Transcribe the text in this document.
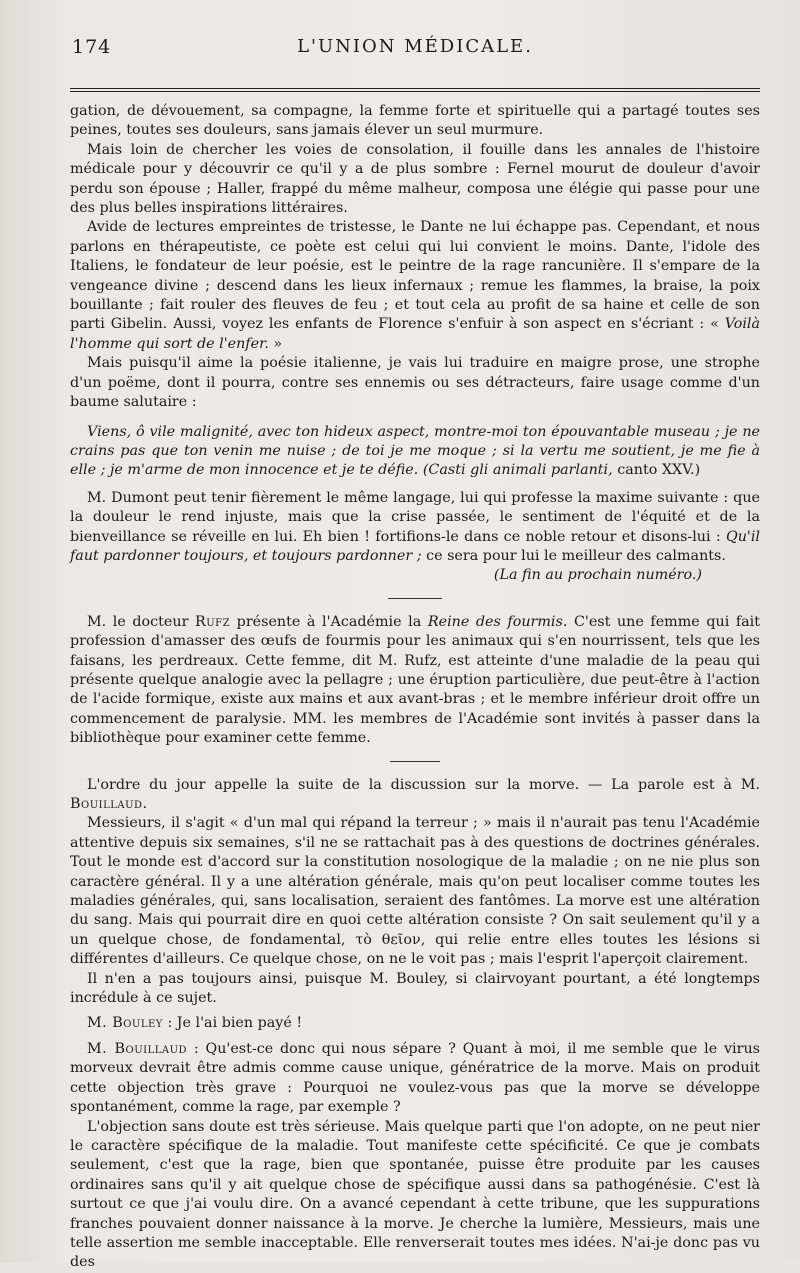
174	L'UNION MÉDICALE.

gation, de dévouement, sa compagne, la femme forte et spirituelle qui a partagé toutes ses peines, toutes ses douleurs, sans jamais élever un seul murmure.

Mais loin de chercher les voies de consolation, il fouille dans les annales de l'histoire médicale pour y découvrir ce qu'il y a de plus sombre : Fernel mourut de douleur d'avoir perdu son épouse ; Haller, frappé du même malheur, composa une élégie qui passe pour une des plus belles inspirations littéraires.

Avide de lectures empreintes de tristesse, le Dante ne lui échappe pas. Cependant, et nous parlons en thérapeutiste, ce poète est celui qui lui convient le moins. Dante, l'idole des Italiens, le fondateur de leur poésie, est le peintre de la rage rancunière. Il s'empare de la vengeance divine ; descend dans les lieux infernaux ; remue les flammes, la braise, la poix bouillante ; fait rouler des fleuves de feu ; et tout cela au profit de sa haine et celle de son parti Gibelin. Aussi, voyez les enfants de Florence s'enfuir à son aspect en s'écriant : « Voilà l'homme qui sort de l'enfer. »

Mais puisqu'il aime la poésie italienne, je vais lui traduire en maigre prose, une strophe d'un poëme, dont il pourra, contre ses ennemis ou ses détracteurs, faire usage comme d'un baume salutaire :

Viens, ô vile malignité, avec ton hideux aspect, montre-moi ton épouvantable museau ; je ne crains pas que ton venin me nuise ; de toi je me moque ; si la vertu me soutient, je me fie à elle ; je m'arme de mon innocence et je te défie. (Casti gli animali parlanti, canto XXV.)

M. Dumont peut tenir fièrement le même langage, lui qui professe la maxime suivante : que la douleur le rend injuste, mais que la crise passée, le sentiment de l'équité et de la bienveillance se réveille en lui. Eh bien ! fortifions-le dans ce noble retour et disons-lui : Qu'il faut pardonner toujours, et toujours pardonner ; ce sera pour lui le meilleur des calmants.

(La fin au prochain numéro.)

M. le docteur Rufz présente à l'Académie la Reine des fourmis. C'est une femme qui fait profession d'amasser des œufs de fourmis pour les animaux qui s'en nourrissent, tels que les faisans, les perdreaux. Cette femme, dit M. Rufz, est atteinte d'une maladie de la peau qui présente quelque analogie avec la pellagre ; une éruption particulière, due peut-être à l'action de l'acide formique, existe aux mains et aux avant-bras ; et le membre inférieur droit offre un commencement de paralysie. MM. les membres de l'Académie sont invités à passer dans la bibliothèque pour examiner cette femme.

L'ordre du jour appelle la suite de la discussion sur la morve. — La parole est à M. Bouillaud.

Messieurs, il s'agit « d'un mal qui répand la terreur ; » mais il n'aurait pas tenu l'Académie attentive depuis six semaines, s'il ne se rattachait pas à des questions de doctrines générales. Tout le monde est d'accord sur la constitution nosologique de la maladie ; on ne nie plus son caractère général. Il y a une altération générale, mais qu'on peut localiser comme toutes les maladies générales, qui, sans localisation, seraient des fantômes. La morve est une altération du sang. Mais qui pourrait dire en quoi cette altération consiste ? On sait seulement qu'il y a un quelque chose, de fondamental, τὸ θεῖον, qui relie entre elles toutes les lésions si différentes d'ailleurs. Ce quelque chose, on ne le voit pas ; mais l'esprit l'aperçoit clairement.

Il n'en a pas toujours ainsi, puisque M. Bouley, si clairvoyant pourtant, a été longtemps incrédule à ce sujet.

M. Bouley : Je l'ai bien payé !

M. Bouillaud : Qu'est-ce donc qui nous sépare ? Quant à moi, il me semble que le virus morveux devrait être admis comme cause unique, génératrice de la morve. Mais on produit cette objection très grave : Pourquoi ne voulez-vous pas que la morve se développe spontanément, comme la rage, par exemple ?

L'objection sans doute est très sérieuse. Mais quelque parti que l'on adopte, on ne peut nier le caractère spécifique de la maladie. Tout manifeste cette spécificité. Ce que je combats seulement, c'est que la rage, bien que spontanée, puisse être produite par les causes ordinaires sans qu'il y ait quelque chose de spécifique aussi dans sa pathogénésie. C'est là surtout ce que j'ai voulu dire. On a avancé cependant à cette tribune, que les suppurations franches pouvaient donner naissance à la morve. Je cherche la lumière, Messieurs, mais une telle assertion me semble inacceptable. Elle renverserait toutes mes idées. N'ai-je donc pas vu des
